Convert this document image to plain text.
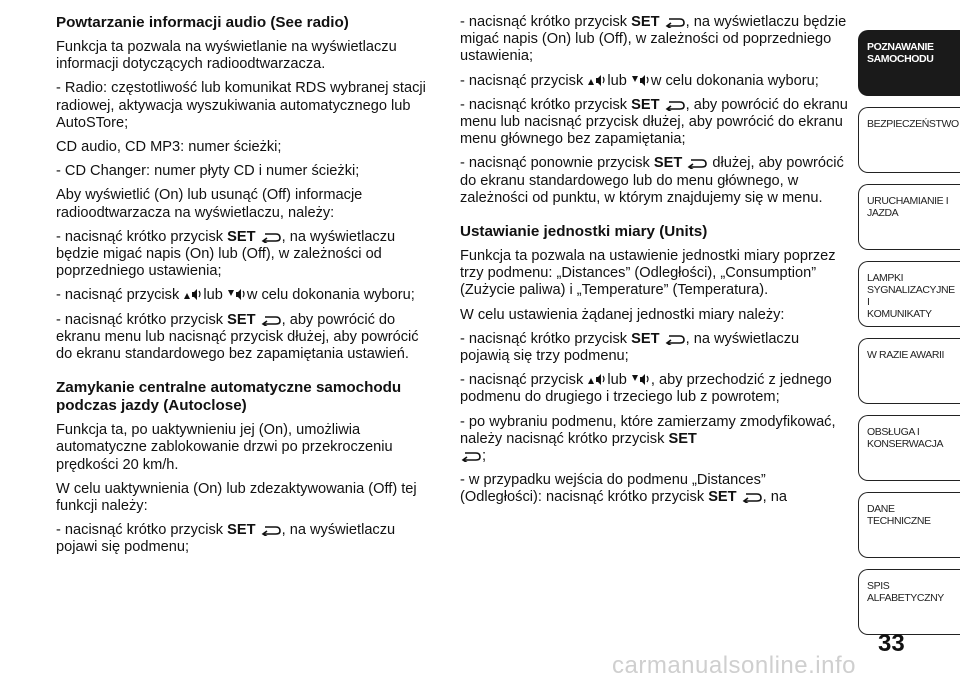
Powtarzanie informacji audio (See radio)

Funkcja ta pozwala na wyświetlanie na wyświetlaczu informacji dotyczących radioodtwarzacza.

- Radio: częstotliwość lub komunikat RDS wybranej stacji radiowej, aktywacja wyszukiwania automatycznego lub AutoSTore;

CD audio, CD MP3: numer ścieżki;

- CD Changer: numer płyty CD i numer ścieżki;

Aby wyświetlić (On) lub usunąć (Off) informacje radioodtwarzacza na wyświetlaczu, należy:

- nacisnąć krótko przycisk SET , na wyświetlaczu będzie migać napis (On) lub (Off), w zależności od poprzedniego ustawienia;

- nacisnąć przycisk lub w celu dokonania wyboru;

- nacisnąć krótko przycisk SET , aby powrócić do ekranu menu lub nacisnąć przycisk dłużej, aby powrócić do ekranu standardowego bez zapamiętania ustawień.

Zamykanie centralne automatyczne samochodu podczas jazdy (Autoclose)

Funkcja ta, po uaktywnieniu jej (On), umożliwia automatyczne zablokowanie drzwi po przekroczeniu prędkości 20 km/h.

W celu uaktywnienia (On) lub zdezaktywowania (Off) tej funkcji należy:

- nacisnąć krótko przycisk SET , na wyświetlaczu pojawi się podmenu;

- nacisnąć krótko przycisk SET , na wyświetlaczu będzie migać napis (On) lub (Off), w zależności od poprzedniego ustawienia;

- nacisnąć przycisk lub w celu dokonania wyboru;

- nacisnąć krótko przycisk SET , aby powrócić do ekranu menu lub nacisnąć przycisk dłużej, aby powrócić do ekranu menu głównego bez zapamiętania;

- nacisnąć ponownie przycisk SET dłużej, aby powrócić do ekranu standardowego lub do menu głównego, w zależności od punktu, w którym znajdujemy się w menu.

Ustawianie jednostki miary (Units)

Funkcja ta pozwala na ustawienie jednostki miary poprzez trzy podmenu: „Distances” (Odległości), „Consumption” (Zużycie paliwa) i „Temperature” (Temperatura).

W celu ustawienia żądanej jednostki miary należy:

- nacisnąć krótko przycisk SET , na wyświetlaczu pojawią się trzy podmenu;

- nacisnąć przycisk lub , aby przechodzić z jednego podmenu do drugiego i trzeciego lub z powrotem;

- po wybraniu podmenu, które zamierzamy zmodyfikować, należy nacisnąć krótko przycisk SET
;

- w przypadku wejścia do podmenu „Distances” (Odległości): nacisnąć krótko przycisk SET , na

POZNAWANIE
SAMOCHODU
BEZPIECZEŃSTWO
URUCHAMIANIE I
JAZDA
LAMPKI
SYGNALIZACYJNE I
KOMUNIKATY
W RAZIE AWARII
OBSŁUGA I
KONSERWACJA
DANE TECHNICZNE
SPIS ALFABETYCZNY
33
carmanualsonline.info
